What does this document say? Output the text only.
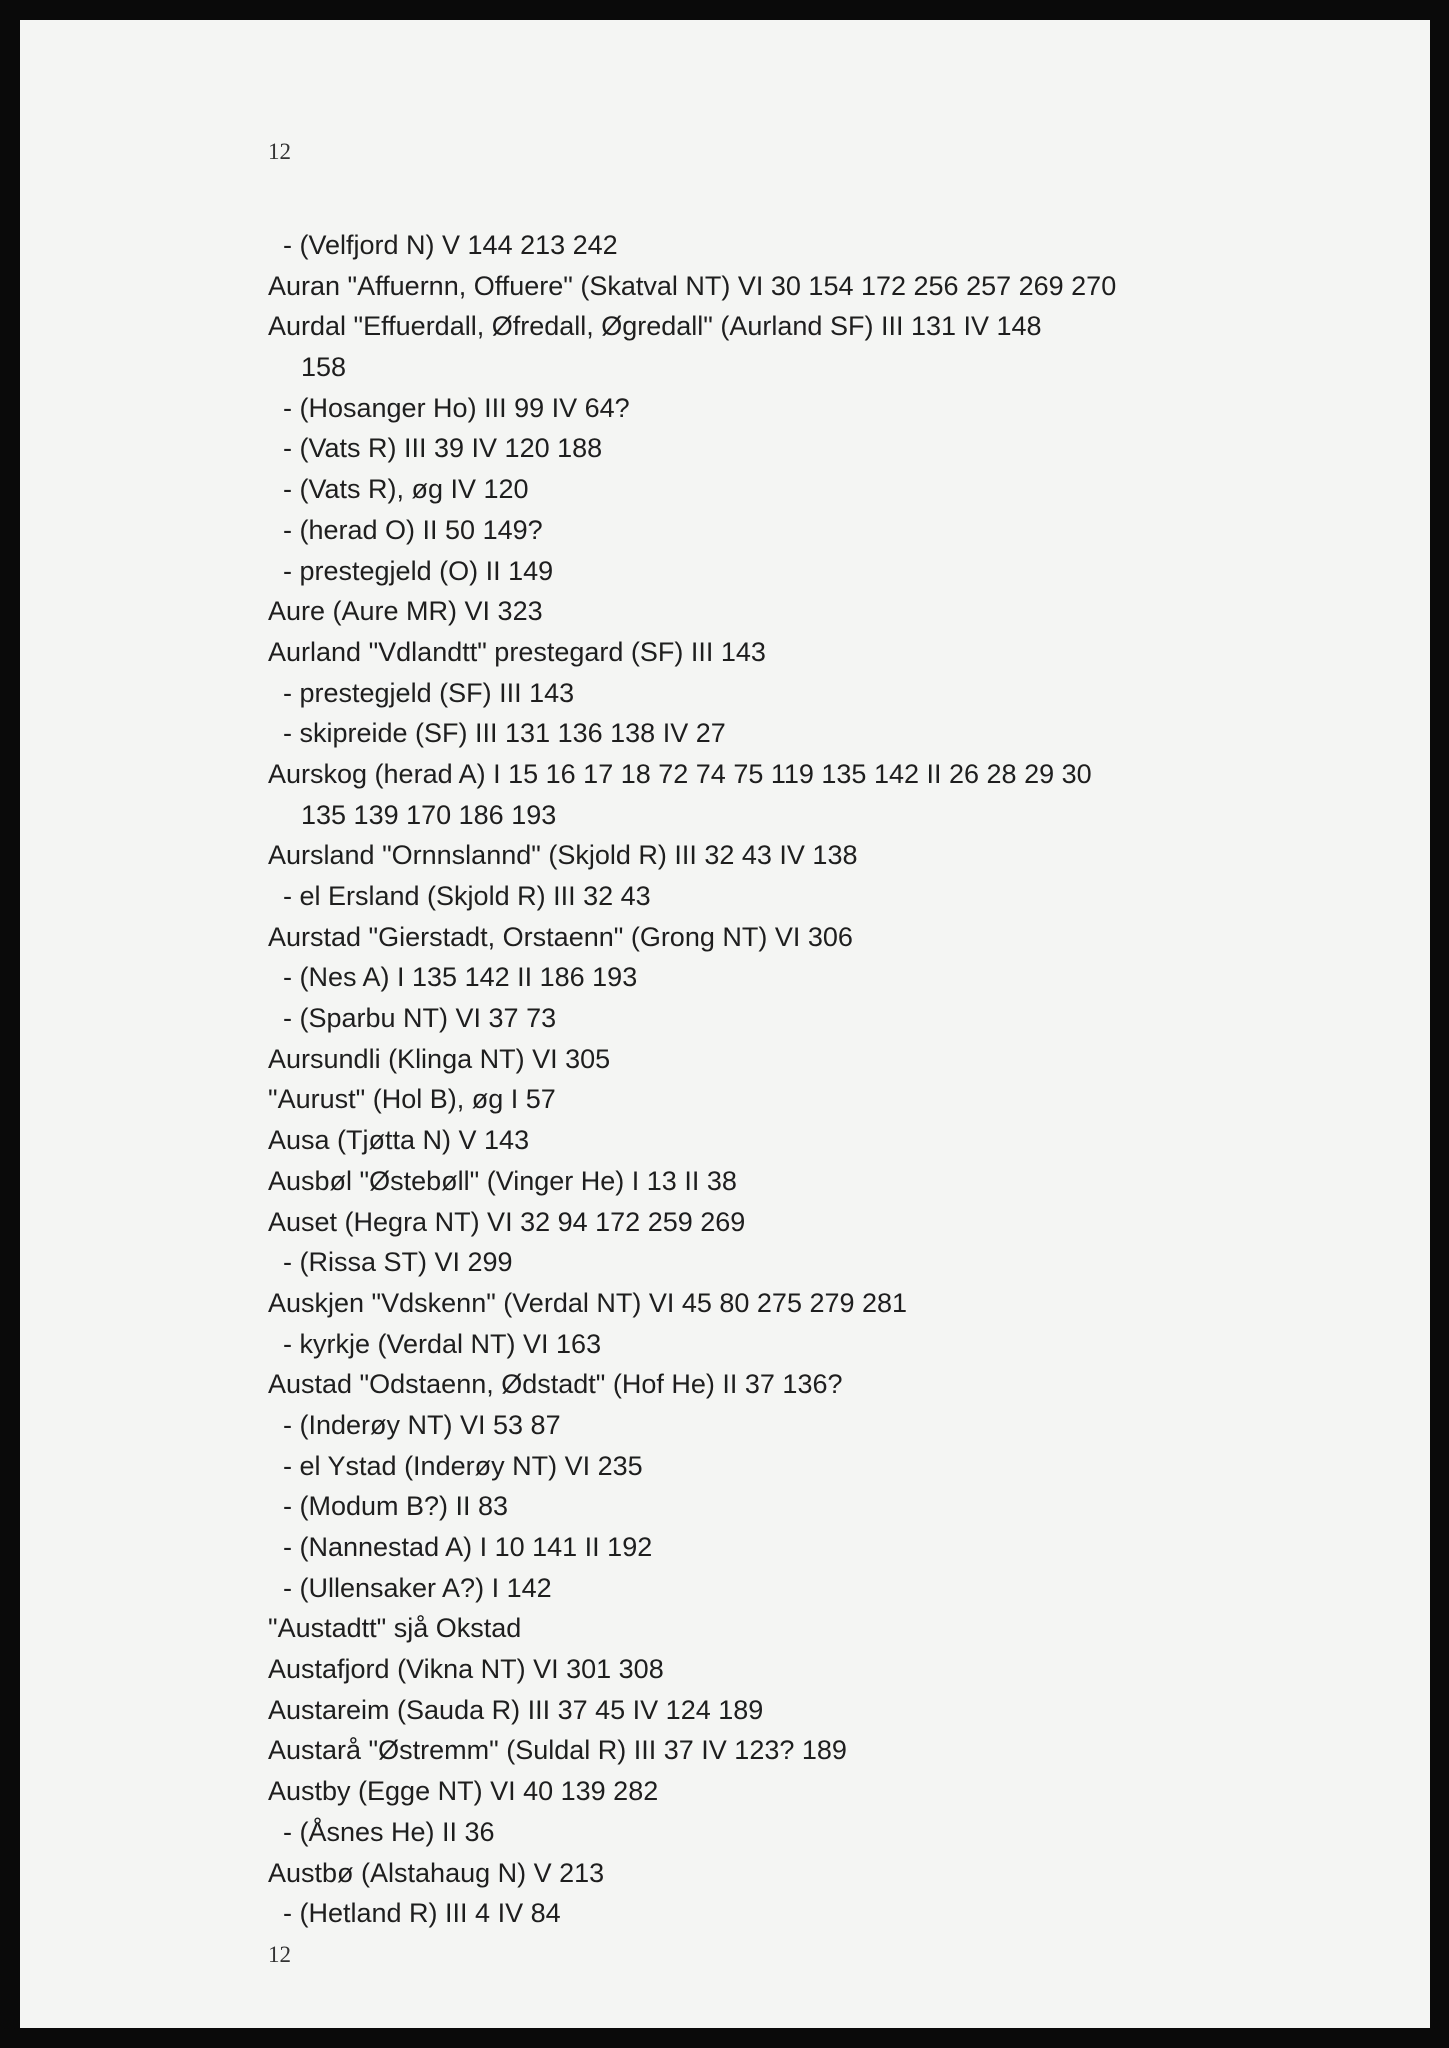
12
- (Velfjord N) V 144 213 242
Auran "Affuernn, Offuere" (Skatval NT) VI 30 154 172 256 257 269 270
Aurdal "Effuerdall, Øfredall, Øgredall" (Aurland SF) III 131 IV 148
158
- (Hosanger Ho) III 99 IV 64?
- (Vats R) III 39 IV 120 188
- (Vats R), øg IV 120
- (herad O) II 50 149?
- prestegjeld (O) II 149
Aure (Aure MR) VI 323
Aurland "Vdlandtt" prestegard (SF) III 143
- prestegjeld (SF) III 143
- skipreide (SF) III 131 136 138 IV 27
Aurskog (herad A) I 15 16 17 18 72 74 75 119 135 142 II 26 28 29 30
135 139 170 186 193
Aursland "Ornnslannd" (Skjold R) III 32 43 IV 138
- el Ersland (Skjold R) III 32 43
Aurstad "Gierstadt, Orstaenn" (Grong NT) VI 306
- (Nes A) I 135 142 II 186 193
- (Sparbu NT) VI 37 73
Aursundli (Klinga NT) VI 305
"Aurust" (Hol B), øg I 57
Ausa (Tjøtta N) V 143
Ausbøl "Østebøll" (Vinger He) I 13 II 38
Auset (Hegra NT) VI 32 94 172 259 269
- (Rissa ST) VI 299
Auskjen "Vdskenn" (Verdal NT) VI 45 80 275 279 281
- kyrkje (Verdal NT) VI 163
Austad "Odstaenn, Ødstadt" (Hof He) II 37 136?
- (Inderøy NT) VI 53 87
- el Ystad (Inderøy NT) VI 235
- (Modum B?) II 83
- (Nannestad A) I 10 141 II 192
- (Ullensaker A?) I 142
"Austadtt" sjå Okstad
Austafjord (Vikna NT) VI 301 308
Austareim (Sauda R) III 37 45 IV 124 189
Austarå "Østremm" (Suldal R) III 37 IV 123? 189
Austby (Egge NT) VI 40 139 282
- (Åsnes He) II 36
Austbø (Alstahaug N) V 213
- (Hetland R) III 4 IV 84
12
